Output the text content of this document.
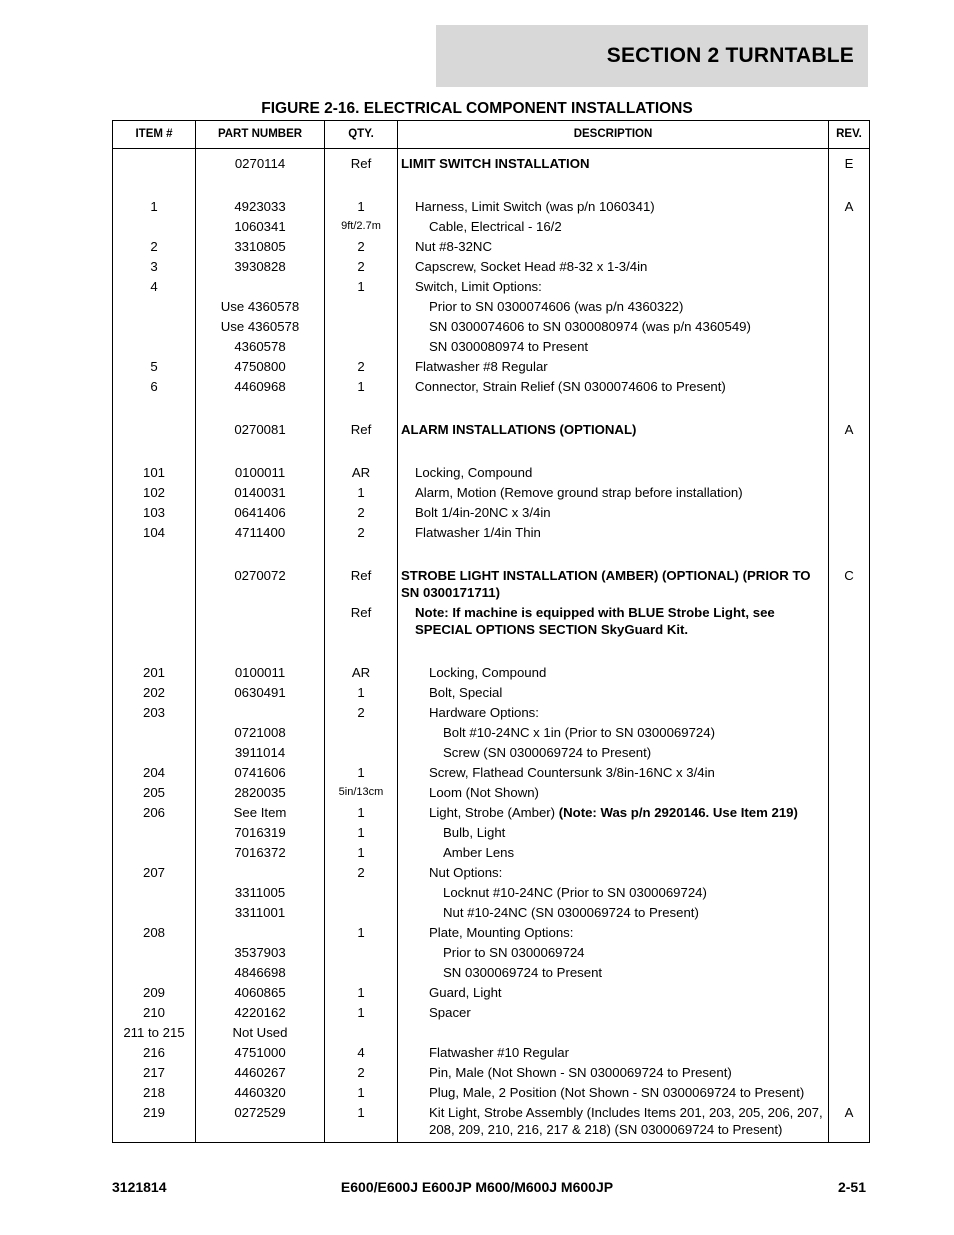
SECTION 2 TURNTABLE
FIGURE 2-16. ELECTRICAL COMPONENT INSTALLATIONS
ITEM #	PART NUMBER	QTY.	DESCRIPTION	REV.
	0270114	Ref	LIMIT SWITCH INSTALLATION	E

1	4923033	1	Harness, Limit Switch (was p/n 1060341)	A
	1060341	9ft/2.7m	Cable, Electrical - 16/2	
2	3310805	2	Nut #8-32NC	
3	3930828	2	Capscrew, Socket Head #8-32 x 1-3/4in	
4		1	Switch, Limit Options:	
	Use 4360578		Prior to SN 0300074606 (was p/n 4360322)	
	Use 4360578		SN 0300074606 to SN 0300080974 (was p/n 4360549)	
	4360578		SN 0300080974 to Present	
5	4750800	2	Flatwasher #8 Regular	
6	4460968	1	Connector, Strain Relief (SN 0300074606 to Present)	

	0270081	Ref	ALARM INSTALLATIONS (OPTIONAL)	A

101	0100011	AR	Locking, Compound	
102	0140031	1	Alarm, Motion (Remove ground strap before installation)	
103	0641406	2	Bolt 1/4in-20NC x 3/4in	
104	4711400	2	Flatwasher 1/4in Thin	

	0270072	Ref	STROBE LIGHT INSTALLATION (AMBER) (OPTIONAL) (PRIOR TO SN 0300171711)	C
		Ref	Note: If machine is equipped with BLUE Strobe Light, see SPECIAL OPTIONS SECTION SkyGuard Kit.	

201	0100011	AR	Locking, Compound	
202	0630491	1	Bolt, Special	
203		2	Hardware Options:	
	0721008		Bolt #10-24NC x 1in (Prior to SN 0300069724)	
	3911014		Screw (SN 0300069724 to Present)	
204	0741606	1	Screw, Flathead Countersunk 3/8in-16NC x 3/4in	
205	2820035	5in/13cm	Loom (Not Shown)	
206	See Item	1	Light, Strobe (Amber) (Note: Was p/n 2920146. Use Item 219)	
	7016319	1	Bulb, Light	
	7016372	1	Amber Lens	
207		2	Nut Options:	
	3311005		Locknut #10-24NC (Prior to SN 0300069724)	
	3311001		Nut #10-24NC (SN 0300069724 to Present)	
208		1	Plate, Mounting Options:	
	3537903		Prior to SN 0300069724	
	4846698		SN 0300069724 to Present	
209	4060865	1	Guard, Light	
210	4220162	1	Spacer	
211 to 215	Not Used			
216	4751000	4	Flatwasher #10 Regular	
217	4460267	2	Pin, Male (Not Shown - SN 0300069724 to Present)	
218	4460320	1	Plug, Male, 2 Position (Not Shown - SN 0300069724 to Present)	
219	0272529	1	Kit Light, Strobe Assembly (Includes Items 201, 203, 205, 206, 207, 208, 209, 210, 216, 217 & 218) (SN 0300069724 to Present)	A
3121814	E600/E600J E600JP M600/M600J M600JP	2-51
